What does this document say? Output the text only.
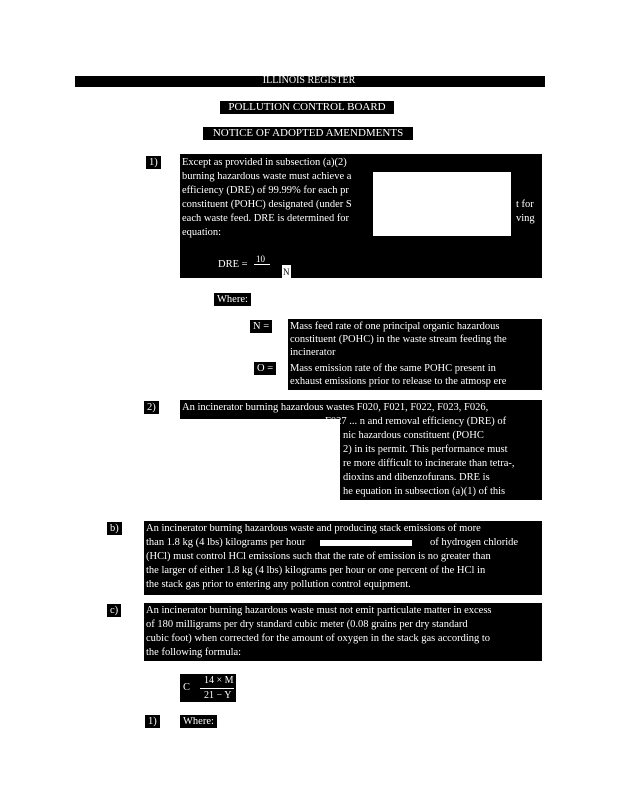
ILLINOIS REGISTER
POLLUTION CONTROL BOARD
NOTICE OF ADOPTED AMENDMENTS
1) Except as provided in subsection (a)(2)
burning hazardous waste must achieve a
efficiency (DRE) of 99.99% for each pr
constituent (POHC) designated (under S
each waste feed. DRE is determined for
equation:
t for
ving
DRE = 10
N
Where:
N = Mass feed rate of one principal organic hazardous
constituent (POHC) in the waste stream feeding the
incinerator
O = Mass emission rate of the same POHC present in
exhaust emissions prior to release to the atmosp ere
2)	An incinerator burning hazardous wastes F020, F021, F022, F023, F026,
F027 ... n and removal efficiency (DRE) of
nic hazardous constituent (POHC
2) in its permit. This performance must
re more difficult to incinerate than tetra-,
dioxins and dibenzofurans. DRE is
he equation in subsection (a)(1) of this
b)	An incinerator burning hazardous waste and producing stack emissions of more
than 1.8 kg (4 lbs) kilograms per hour	of hydrogen chloride
(HCl) must control HCl emissions such that the rate of emission is no greater than
the larger of either 1.8 kg (4 lbs) kilograms per hour or one percent of the HCl in
the stack gas prior to entering any pollution control equipment.
c)	An incinerator burning hazardous waste must not emit particulate matter in excess
of 180 milligrams per dry standard cubic meter (0.08 grains per dry standard
cubic foot) when corrected for the amount of oxygen in the stack gas according to
the following formula:
C
14 × M
21 − Y
1)	Where:
